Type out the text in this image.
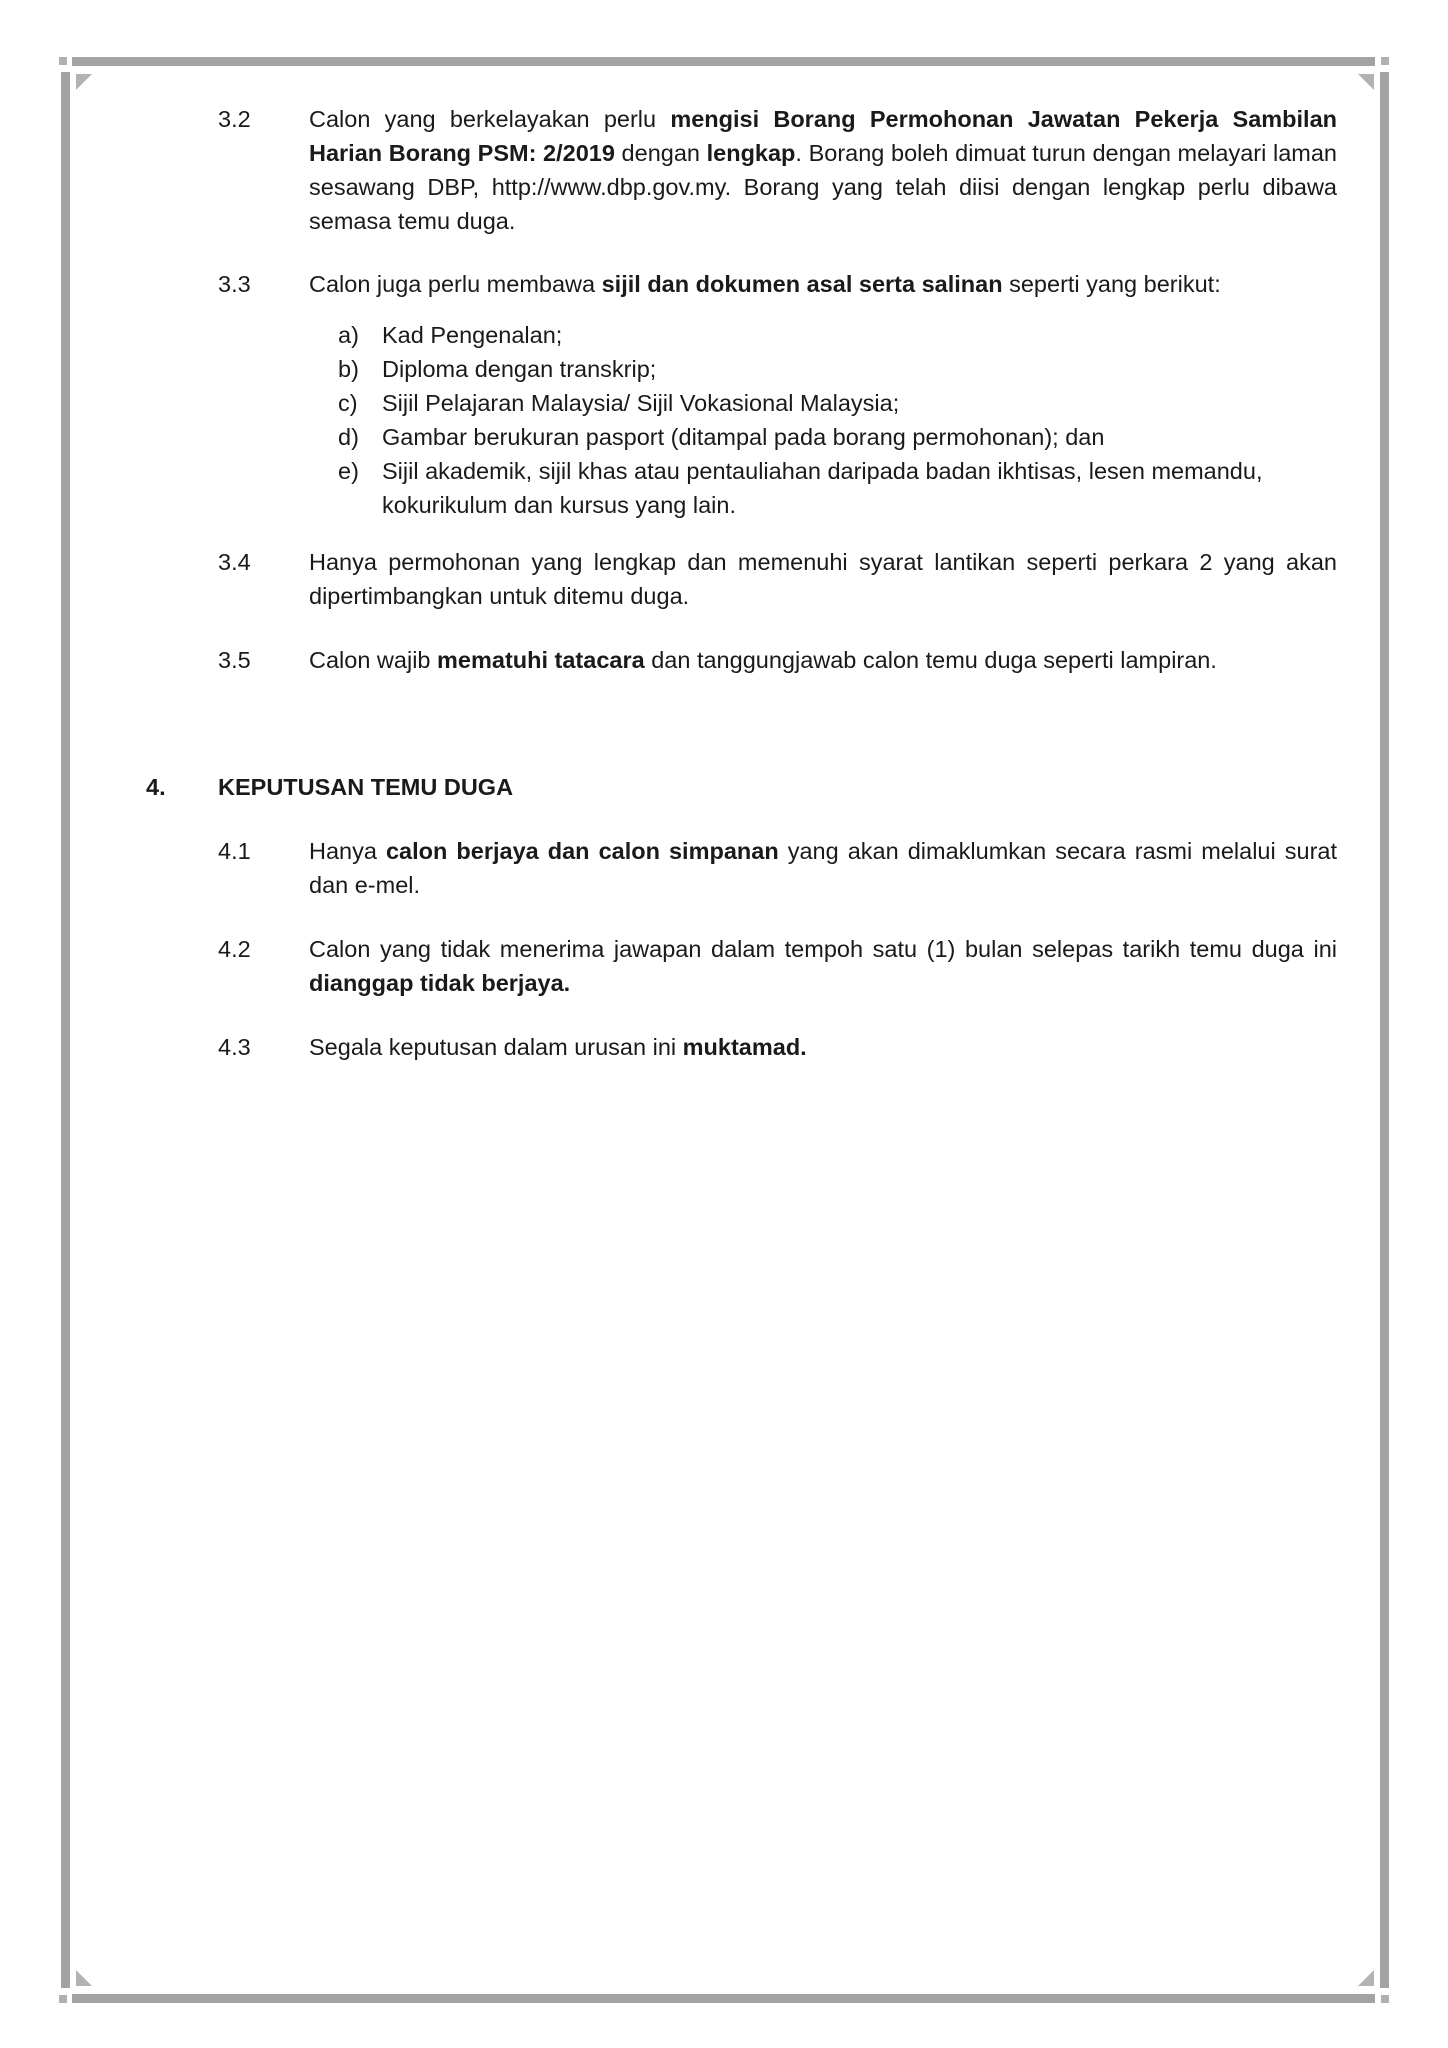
3.2	Calon yang berkelayakan perlu mengisi Borang Permohonan Jawatan Pekerja Sambilan Harian Borang PSM: 2/2019 dengan lengkap. Borang boleh dimuat turun dengan melayari laman sesawang DBP, http://www.dbp.gov.my. Borang yang telah diisi dengan lengkap perlu dibawa semasa temu duga.
3.3	Calon juga perlu membawa sijil dan dokumen asal serta salinan seperti yang berikut:
a) Kad Pengenalan;
b) Diploma dengan transkrip;
c) Sijil Pelajaran Malaysia/ Sijil Vokasional Malaysia;
d) Gambar berukuran pasport (ditampal pada borang permohonan); dan
e) Sijil akademik, sijil khas atau pentauliahan daripada badan ikhtisas, lesen memandu, kokurikulum dan kursus yang lain.
3.4	Hanya permohonan yang lengkap dan memenuhi syarat lantikan seperti perkara 2 yang akan dipertimbangkan untuk ditemu duga.
3.5	Calon wajib mematuhi tatacara dan tanggungjawab calon temu duga seperti lampiran.
4. KEPUTUSAN TEMU DUGA
4.1	Hanya calon berjaya dan calon simpanan yang akan dimaklumkan secara rasmi melalui surat dan e-mel.
4.2	Calon yang tidak menerima jawapan dalam tempoh satu (1) bulan selepas tarikh temu duga ini dianggap tidak berjaya.
4.3	Segala keputusan dalam urusan ini muktamad.
